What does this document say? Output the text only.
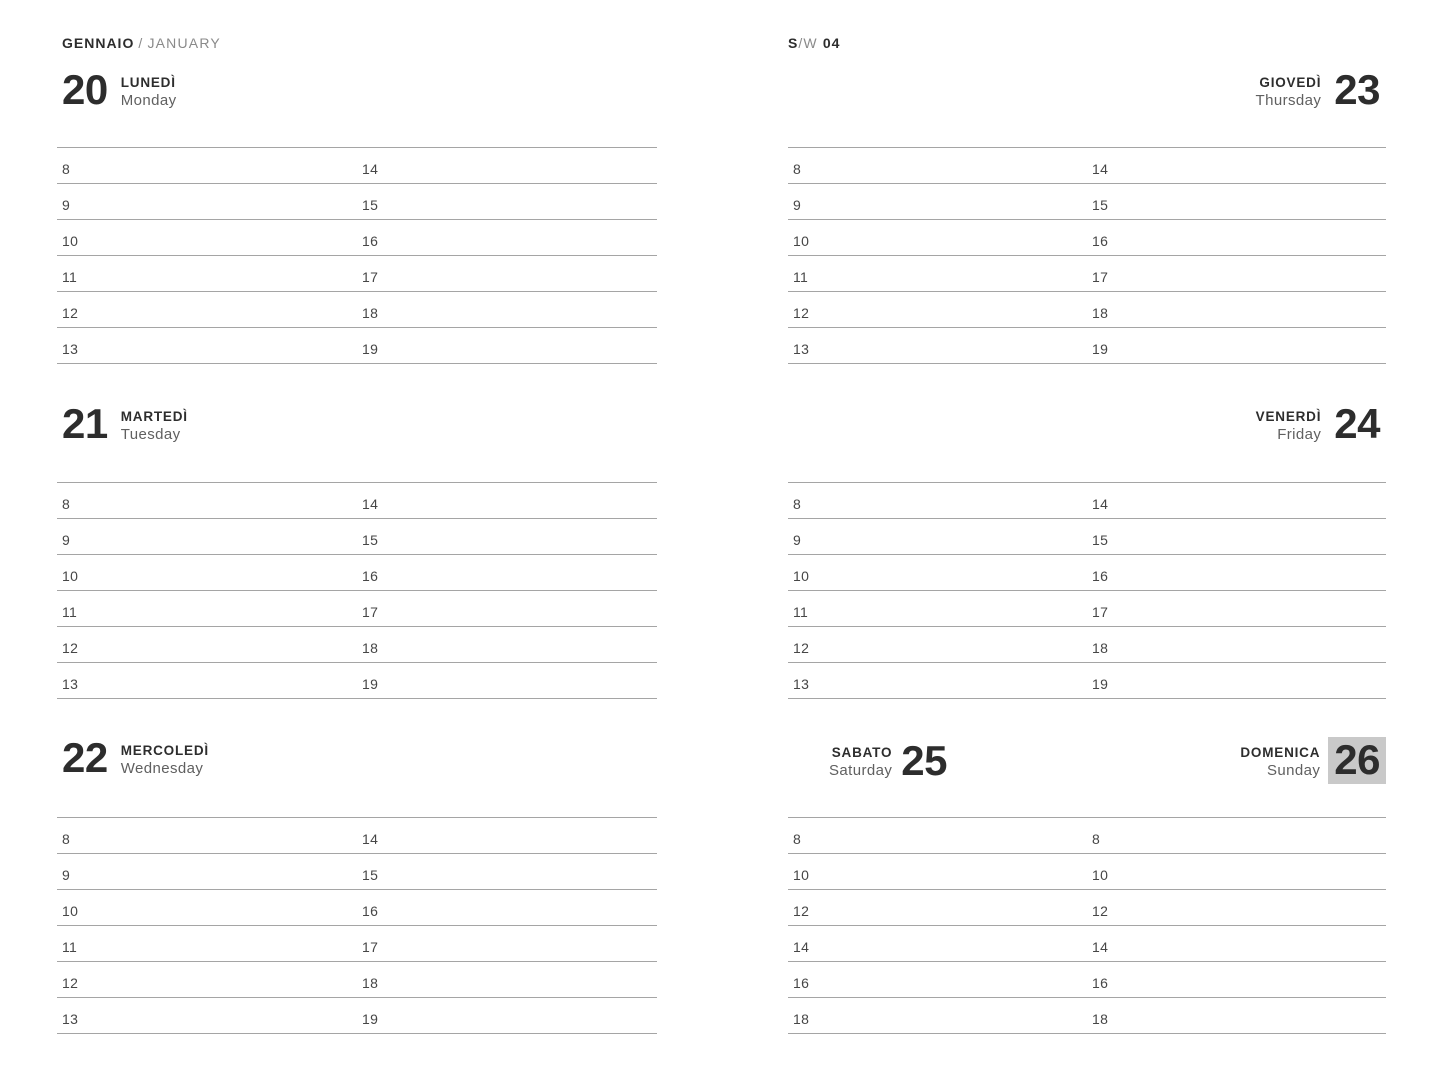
GENNAIO / JANUARY
20 LUNEDÌ
Monday
8	14
9	15
10	16
11	17
12	18
13	19
21 MARTEDÌ
Tuesday
8	14
9	15
10	16
11	17
12	18
13	19
22 MERCOLEDÌ
Wednesday
8	14
9	15
10	16
11	17
12	18
13	19
S/W 04
GIOVEDÌ
Thursday 23
8	14
9	15
10	16
11	17
12	18
13	19
VENERDÌ
Friday 24
8	14
9	15
10	16
11	17
12	18
13	19
SABATO
Saturday 25	DOMENICA
Sunday 26
8	8
10	10
12	12
14	14
16	16
18	18
